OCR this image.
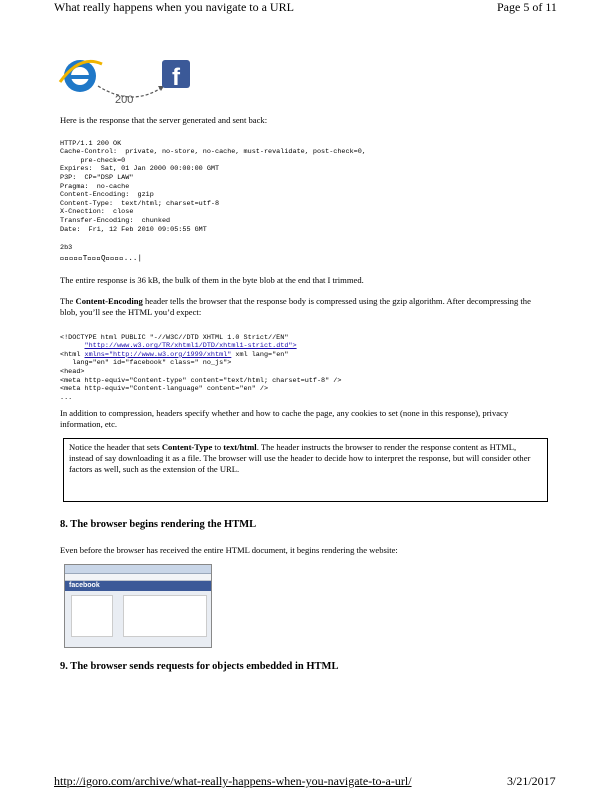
What really happens when you navigate to a URL	Page 5 of 11
f
200
Here is the response that the server generated and sent back:

HTTP/1.1 200 OK
Cache-Control:  private, no-store, no-cache, must-revalidate, post-check=0,
pre-check=0
Expires:  Sat, 01 Jan 2000 00:00:00 GMT
P3P:  CP="DSP LAW"
Pragma:  no-cache
Content-Encoding:  gzip
Content-Type:  text/html; charset=utf-8
X-Cnection:  close
Transfer-Encoding:  chunked
Date:  Fri, 12 Feb 2010 09:05:55 GMT

2b3
     T   Q    ...|
The entire response is 36 kB, the bulk of them in the byte blob at the end that I trimmed.
The Content-Encoding header tells the browser that the response body is compressed using the gzip algorithm. After decompressing the blob, you’ll see the HTML you’d expect:

<!DOCTYPE html PUBLIC "-//W3C//DTD XHTML 1.0 Strict//EN"
"http://www.w3.org/TR/xhtml1/DTD/xhtml1-strict.dtd">
<html xmlns="http://www.w3.org/1999/xhtml" xml lang="en"
lang="en" id="facebook" class=" no_js">
<head>
<meta http-equiv="Content-type" content="text/html; charset=utf-8" />
<meta http-equiv="Content-language" content="en" />
...

In addition to compression, headers specify whether and how to cache the page, any cookies to set (none in this response), privacy information, etc.
Notice the header that sets Content-Type to text/html. The header instructs the browser to render the response content as HTML, instead of say downloading it as a file. The browser will use the header to decide how to interpret the response, but will consider other factors as well, such as the extension of the URL.
8. The browser begins rendering the HTML
Even before the browser has received the entire HTML document, it begins rendering the website:
facebook
9. The browser sends requests for objects embedded in HTML
http://igoro.com/archive/what-really-happens-when-you-navigate-to-a-url/	3/21/2017
